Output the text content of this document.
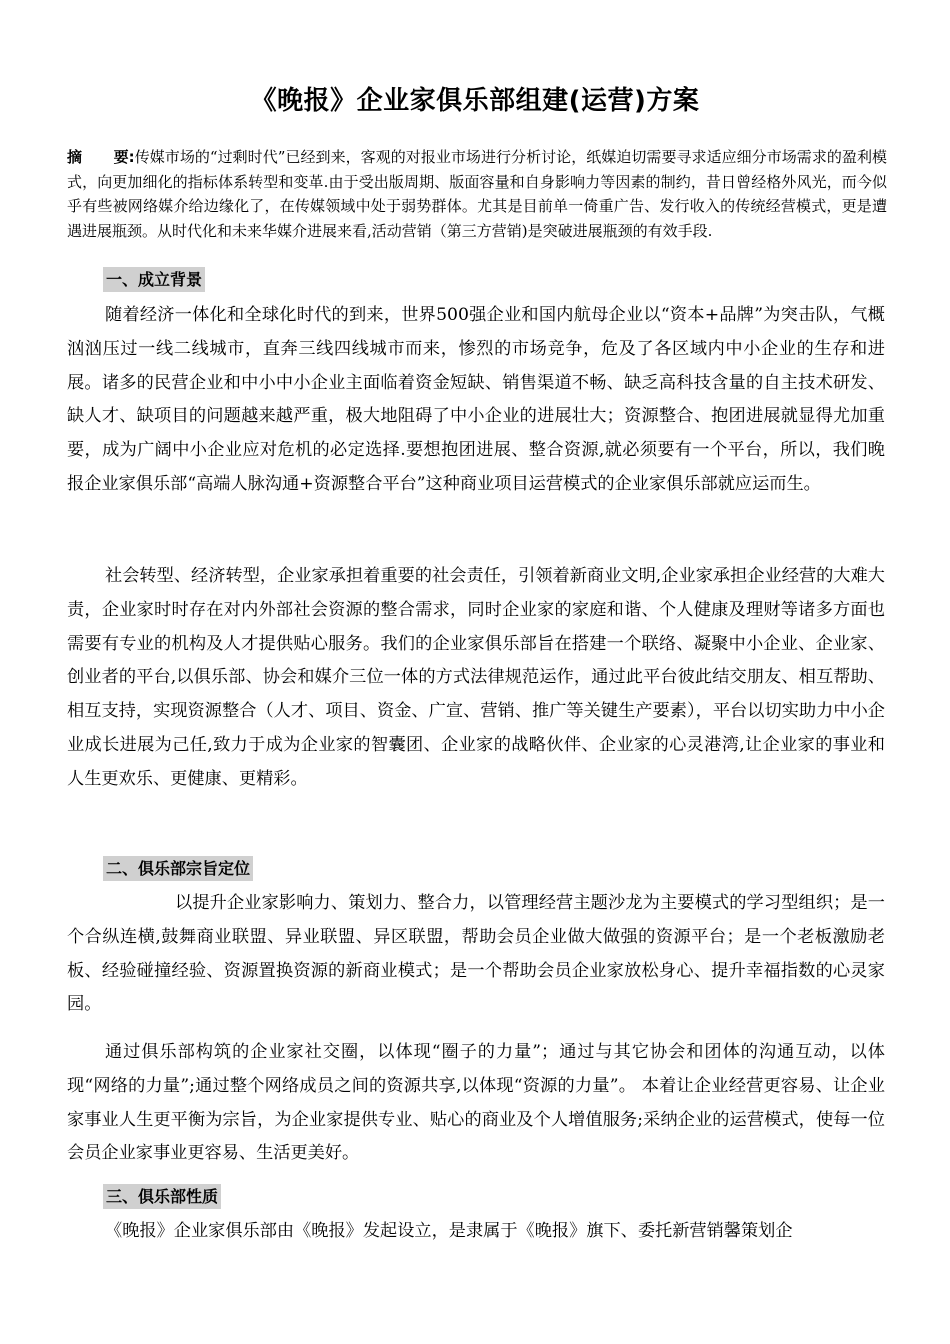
《晚报》企业家俱乐部组建(运营)方案
摘      要:传媒市场的“过剩时代”已经到来，客观的对报业市场进行分析讨论，纸媒迫切需要寻求适应细分市场需求的盈利模式，向更加细化的指标体系转型和变革.由于受出版周期、版面容量和自身影响力等因素的制约，昔日曾经格外风光，而今似乎有些被网络媒介给边缘化了，在传媒领域中处于弱势群体。尤其是目前单一倚重广告、发行收入的传统经营模式，更是遭遇进展瓶颈。从时代化和未来华媒介进展来看,活动营销（第三方营销)是突破进展瓶颈的有效手段.
一、成立背景

随着经济一体化和全球化时代的到来，世界500强企业和国内航母企业以“资本+品牌”为突击队，气概汹汹压过一线二线城市，直奔三线四线城市而来，惨烈的市场竞争，危及了各区域内中小企业的生存和进展。诸多的民营企业和中小中小企业主面临着资金短缺、销售渠道不畅、缺乏高科技含量的自主技术研发、缺人才、缺项目的问题越来越严重，极大地阻碍了中小企业的进展壮大；资源整合、抱团进展就显得尤加重要，成为广阔中小企业应对危机的必定选择.要想抱团进展、整合资源,就必须要有一个平台，所以，我们晚报企业家俱乐部“高端人脉沟通+资源整合平台”这种商业项目运营模式的企业家俱乐部就应运而生。

社会转型、经济转型，企业家承担着重要的社会责任，引领着新商业文明,企业家承担企业经营的大难大责，企业家时时存在对内外部社会资源的整合需求，同时企业家的家庭和谐、个人健康及理财等诸多方面也需要有专业的机构及人才提供贴心服务。我们的企业家俱乐部旨在搭建一个联络、凝聚中小企业、企业家、创业者的平台,以俱乐部、协会和媒介三位一体的方式法律规范运作，通过此平台彼此结交朋友、相互帮助、相互支持，实现资源整合（人才、项目、资金、广宣、营销、推广等关键生产要素），平台以切实助力中小企业成长进展为己任,致力于成为企业家的智囊团、企业家的战略伙伴、企业家的心灵港湾,让企业家的事业和人生更欢乐、更健康、更精彩。

二、俱乐部宗旨定位

以提升企业家影响力、策划力、整合力，以管理经营主题沙龙为主要模式的学习型组织；是一个合纵连横,鼓舞商业联盟、异业联盟、异区联盟，帮助会员企业做大做强的资源平台；是一个老板激励老板、经验碰撞经验、资源置换资源的新商业模式；是一个帮助会员企业家放松身心、提升幸福指数的心灵家园。

通过俱乐部构筑的企业家社交圈，以体现“圈子的力量”；通过与其它协会和团体的沟通互动，以体现“网络的力量”;通过整个网络成员之间的资源共享,以体现“资源的力量”。 本着让企业经营更容易、让企业家事业人生更平衡为宗旨，为企业家提供专业、贴心的商业及个人增值服务;采纳企业的运营模式，使每一位会员企业家事业更容易、生活更美好。

三、俱乐部性质

《晚报》企业家俱乐部由《晚报》发起设立，是隶属于《晚报》旗下、委托新营销馨策划企
